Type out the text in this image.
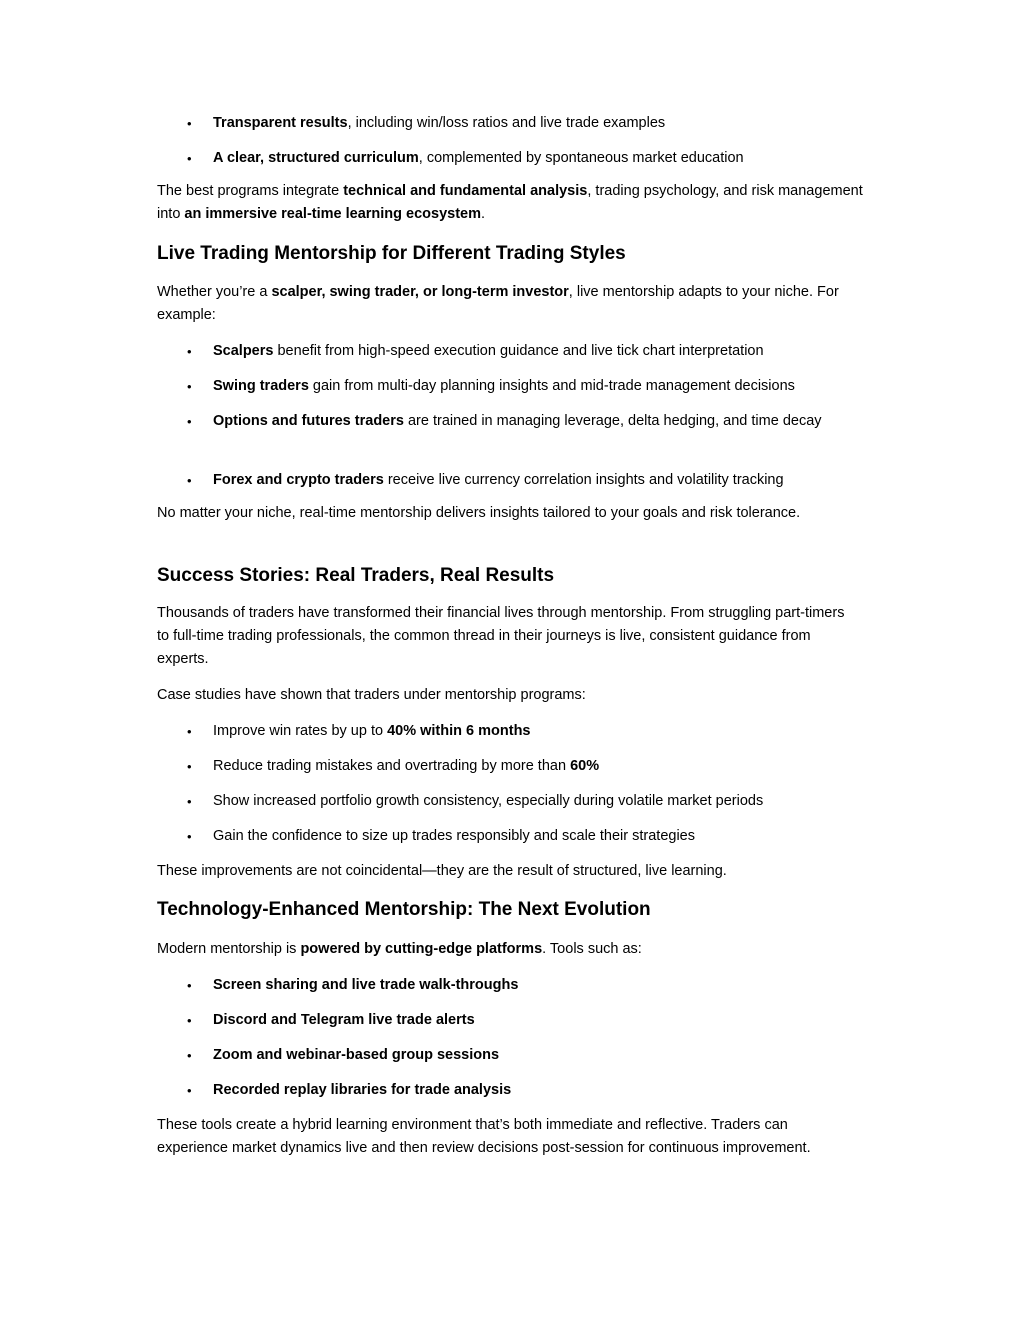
•	Transparent results, including win/loss ratios and live trade examples
•	A clear, structured curriculum, complemented by spontaneous market education

The best programs integrate technical and fundamental analysis, trading psychology, and risk management into an immersive real-time learning ecosystem.

Live Trading Mentorship for Different Trading Styles

Whether you’re a scalper, swing trader, or long-term investor, live mentorship adapts to your niche. For example:

•	Scalpers benefit from high-speed execution guidance and live tick chart interpretation
•	Swing traders gain from multi-day planning insights and mid-trade management decisions
•	Options and futures traders are trained in managing leverage, delta hedging, and time decay
•	Forex and crypto traders receive live currency correlation insights and volatility tracking

No matter your niche, real-time mentorship delivers insights tailored to your goals and risk tolerance.

Success Stories: Real Traders, Real Results

Thousands of traders have transformed their financial lives through mentorship. From struggling part-timers to full-time trading professionals, the common thread in their journeys is live, consistent guidance from experts.

Case studies have shown that traders under mentorship programs:

•	Improve win rates by up to 40% within 6 months
•	Reduce trading mistakes and overtrading by more than 60%
•	Show increased portfolio growth consistency, especially during volatile market periods
•	Gain the confidence to size up trades responsibly and scale their strategies

These improvements are not coincidental—they are the result of structured, live learning.

Technology-Enhanced Mentorship: The Next Evolution

Modern mentorship is powered by cutting-edge platforms. Tools such as:

•	Screen sharing and live trade walk-throughs
•	Discord and Telegram live trade alerts
•	Zoom and webinar-based group sessions
•	Recorded replay libraries for trade analysis

These tools create a hybrid learning environment that’s both immediate and reflective. Traders can experience market dynamics live and then review decisions post-session for continuous improvement.
